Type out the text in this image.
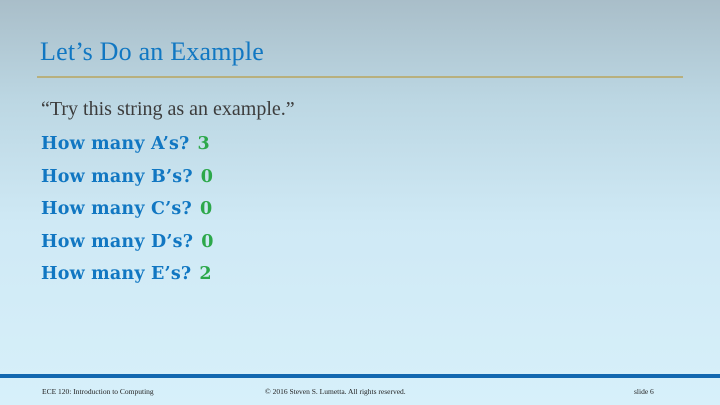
Let’s Do an Example
“Try this string as an example.”
How many A’s? 3
How many B’s? 0
How many C’s? 0
How many D’s? 0
How many E’s? 2
ECE 120: Introduction to Computing	© 2016 Steven S. Lumetta. All rights reserved.	slide 6
